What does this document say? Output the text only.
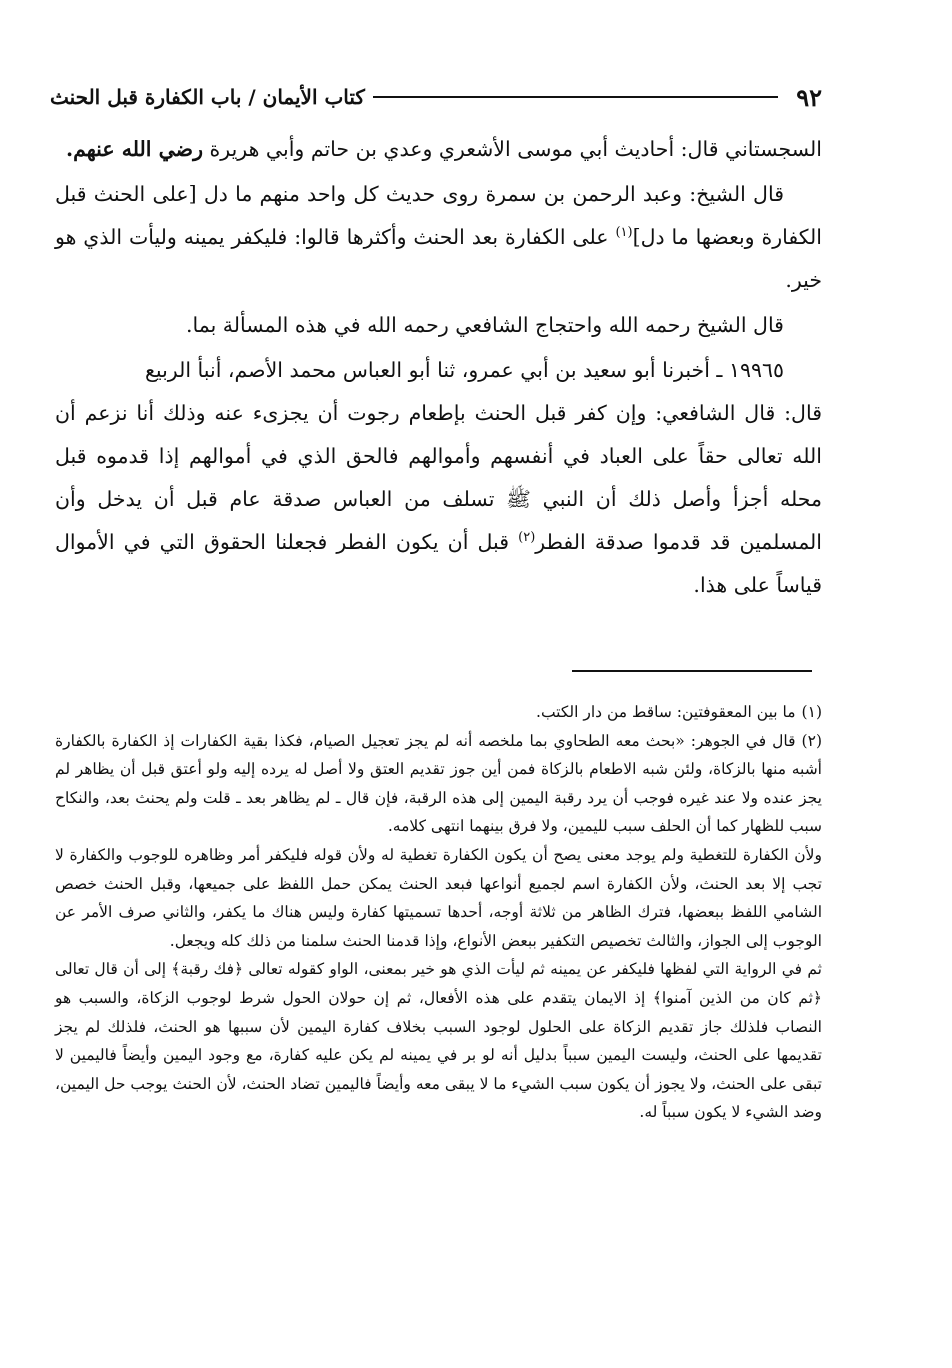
٩٢
كتاب الأيمان / باب الكفارة قبل الحنث

السجستاني قال: أحاديث أبي موسى الأشعري وعدي بن حاتم وأبي هريرة رضي الله عنهم.

قال الشيخ: وعبد الرحمن بن سمرة روى حديث كل واحد منهم ما دل [على الحنث قبل الكفارة وبعضها ما دل]$^{(١)}$ على الكفارة بعد الحنث وأكثرها قالوا: فليكفر يمينه وليأت الذي هو خير.

قال الشيخ رحمه الله واحتجاج الشافعي رحمه الله في هذه المسألة بما.

١٩٩٦٥ ـ أخبرنا أبو سعيد بن أبي عمرو، ثنا أبو العباس محمد الأصم، أنبأ الربيع

قال: قال الشافعي: وإن كفر قبل الحنث بإطعام رجوت أن يجزىء عنه وذلك أنا نزعم أن الله تعالى حقاً على العباد في أنفسهم وأموالهم فالحق الذي في أموالهم إذا قدموه قبل محله أجزأ وأصل ذلك أن النبي ﷺ تسلف من العباس صدقة عام قبل أن يدخل وأن المسلمين قد قدموا صدقة الفطر$^{(٢)}$ قبل أن يكون الفطر فجعلنا الحقوق التي في الأموال قياساً على هذا.

(١)ما بين المعقوفتين: ساقط من دار الكتب.

(٢)قال في الجوهر: «بحث معه الطحاوي بما ملخصه أنه لم يجز تعجيل الصيام، فكذا بقية الكفارات إذ الكفارة بالكفارة أشبه منها بالزكاة، ولئن شبه الاطعام بالزكاة فمن أين جوز تقديم العتق ولا أصل له يرده إليه ولو أعتق قبل أن يظاهر لم يجز عنده ولا عند غيره فوجب أن يرد رقبة اليمين إلى هذه الرقبة، فإن قال ـ لم يظاهر بعد ـ قلت ولم يحنث بعد، والنكاح سبب للظهار كما أن الحلف سبب لليمين، ولا فرق بينهما انتهى كلامه.

ولأن الكفارة للتغطية ولم يوجد معنى يصح أن يكون الكفارة تغطية له ولأن قوله فليكفر أمر وظاهره للوجوب والكفارة لا تجب إلا بعد الحنث، ولأن الكفارة اسم لجميع أنواعها فبعد الحنث يمكن حمل اللفظ على جميعها، وقبل الحنث خصص الشامي اللفظ ببعضها، فترك الظاهر من ثلاثة أوجه، أحدها تسميتها كفارة وليس هناك ما يكفر، والثاني صرف الأمر عن الوجوب إلى الجواز، والثالث تخصيص التكفير ببعض الأنواع، وإذا قدمنا الحنث سلمنا من ذلك كله ويجعل.

ثم في الرواية التي لفظها فليكفر عن يمينه ثم ليأت الذي هو خير بمعنى، الواو كقوله تعالى ﴿فك رقبة﴾ إلى أن قال تعالى ﴿ثم كان من الذين آمنوا﴾ إذ الايمان يتقدم على هذه الأفعال، ثم إن حولان الحول شرط لوجوب الزكاة، والسبب هو النصاب فلذلك جاز تقديم الزكاة على الحلول لوجود السبب بخلاف كفارة اليمين لأن سببها هو الحنث، فلذلك لم يجز تقديمها على الحنث، وليست اليمين سبباً بدليل أنه لو بر في يمينه لم يكن عليه كفارة، مع وجود اليمين وأيضاً فاليمين لا تبقى على الحنث، ولا يجوز أن يكون سبب الشيء ما لا يبقى معه وأيضاً فاليمين تضاد الحنث، لأن الحنث يوجب حل اليمين، وضد الشيء لا يكون سبباً له.
